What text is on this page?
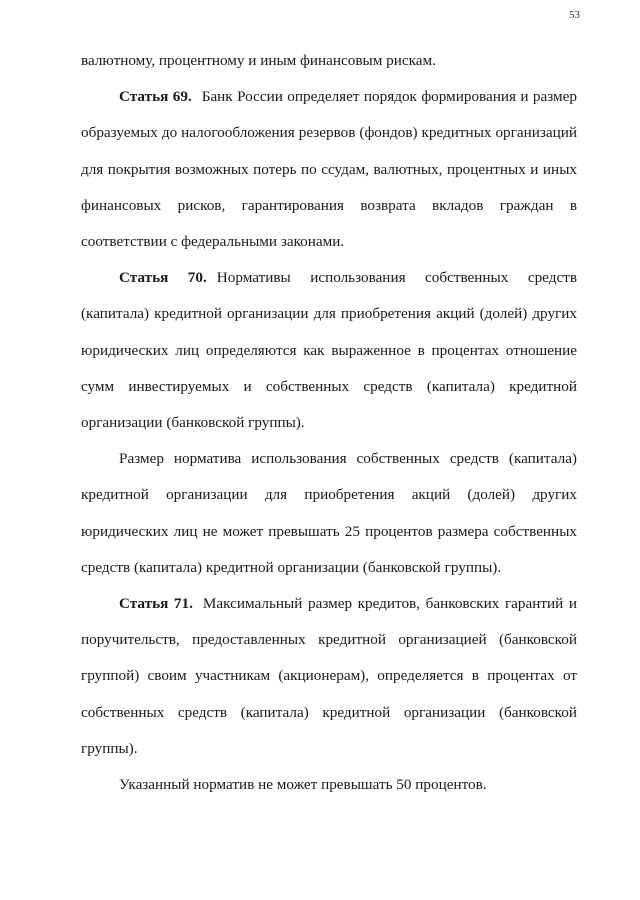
53

валютному, процентному и иным финансовым рискам.

Статья 69. Банк России определяет порядок формирования и размер образуемых до налогообложения резервов (фондов) кредитных организаций для покрытия возможных потерь по ссудам, валютных, процентных и иных финансовых рисков, гарантирования возврата вкладов граждан в соответствии с федеральными законами.

Статья 70. Нормативы использования собственных средств (капитала) кредитной организации для приобретения акций (долей) других юридических лиц определяются как выраженное в процентах отношение сумм инвестируемых и собственных средств (капитала) кредитной организации (банковской группы).

Размер норматива использования собственных средств (капитала) кредитной организации для приобретения акций (долей) других юридических лиц не может превышать 25 процентов размера собственных средств (капитала) кредитной организации (банковской группы).

Статья 71. Максимальный размер кредитов, банковских гарантий и поручительств, предоставленных кредитной организацией (банковской группой) своим участникам (акционерам), определяется в процентах от собственных средств (капитала) кредитной организации (банковской группы).

Указанный норматив не может превышать 50 процентов.
